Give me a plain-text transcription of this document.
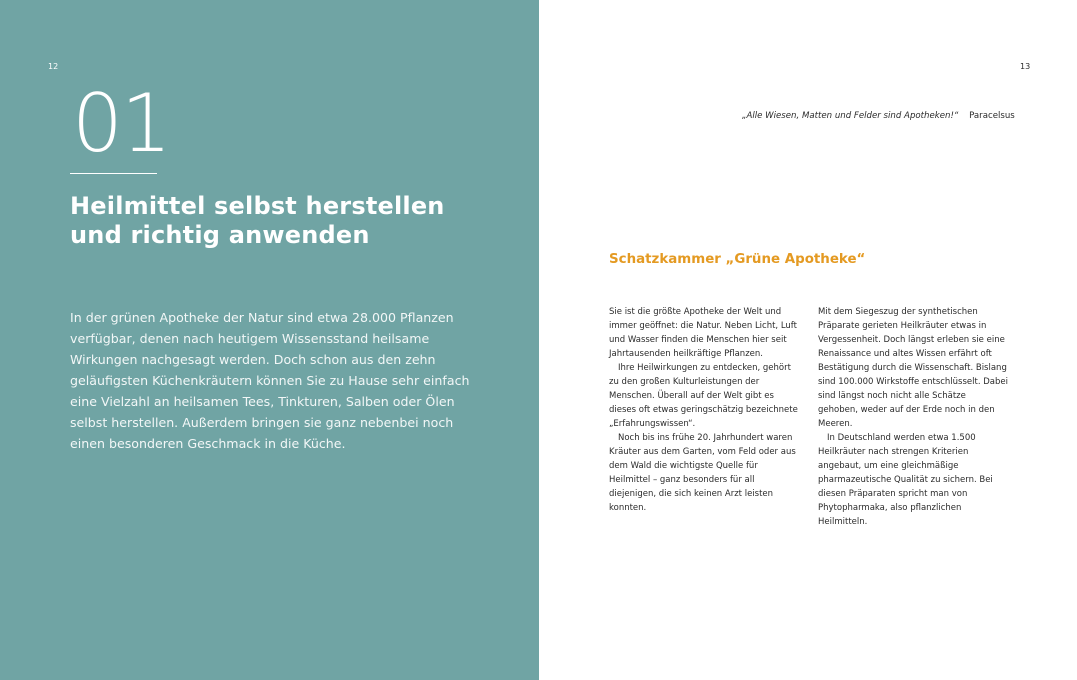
12
01
Heilmittel selbst herstellen
und richtig anwenden
In der grünen Apotheke der Natur sind etwa 28.000 Pflanzen verfügbar, denen nach heutigem Wissensstand heilsame Wirkungen nachgesagt werden. Doch schon aus den zehn geläufigsten Küchenkräutern können Sie zu Hause sehr einfach eine Vielzahl an heilsamen Tees, Tinkturen, Salben oder Ölen selbst herstellen. Außerdem bringen sie ganz nebenbei noch einen besonderen Geschmack in die Küche.
13
„Alle Wiesen, Matten und Felder sind Apotheken!“ Paracelsus
Schatzkammer „Grüne Apotheke“

Sie ist die größte Apotheke der Welt und immer geöffnet: die Natur. Neben Licht, Luft und Wasser finden die Menschen hier seit Jahrtausenden heilkräftige Pflanzen.

Ihre Heilwirkungen zu entdecken, gehört zu den großen Kulturleistungen der Menschen. Überall auf der Welt gibt es dieses oft etwas geringschätzig bezeichnete „Erfahrungswissen“.

Noch bis ins frühe 20. Jahrhundert waren Kräuter aus dem Garten, vom Feld oder aus dem Wald die wichtigste Quelle für Heilmittel – ganz besonders für all diejenigen, die sich keinen Arzt leisten konnten.

Mit dem Siegeszug der synthetischen Präparate gerieten Heilkräuter etwas in Vergessenheit. Doch längst erleben sie eine Renaissance und altes Wissen erfährt oft Bestätigung durch die Wissenschaft. Bislang sind 100.000 Wirkstoffe entschlüsselt. Dabei sind längst noch nicht alle Schätze gehoben, weder auf der Erde noch in den Meeren.

In Deutschland werden etwa 1.500 Heilkräuter nach strengen Kriterien angebaut, um eine gleichmäßige pharmazeutische Qualität zu sichern. Bei diesen Präparaten spricht man von Phytopharmaka, also pflanzlichen Heilmitteln.
